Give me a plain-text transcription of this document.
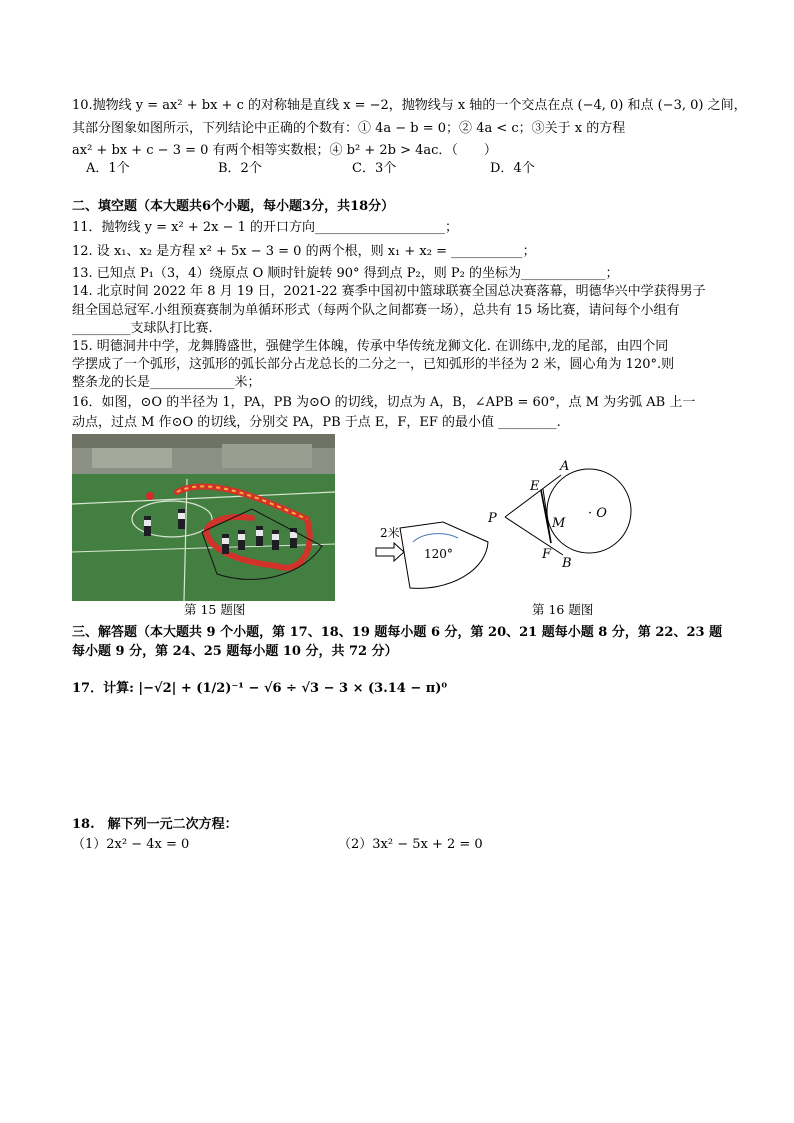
10.抛物线 y = ax² + bx + c 的对称轴是直线 x = −2，抛物线与 x 轴的一个交点在点 (−4, 0) 和点 (−3, 0) 之间，
其部分图象如图所示，下列结论中正确的个数有：① 4a − b = 0；② 4a < c；③关于 x 的方程
ax² + bx + c − 3 = 0 有两个相等实数根；④ b² + 2b > 4ac．（　　）
A．1个	B．2个	C．3个	D．4个
二、填空题（本大题共6个小题，每小题3分，共18分）
11．抛物线 y = x² + 2x − 1 的开口方向____________________；
12. 设 x₁、x₂ 是方程 x² + 5x − 3 = 0 的两个根，则 x₁ + x₂ = ___________；
13. 已知点 P₁（3，4）绕原点 O 顺时针旋转 90° 得到点 P₂，则 P₂ 的坐标为_____________；
14. 北京时间 2022 年 8 月 19 日，2021-22 赛季中国初中篮球联赛全国总决赛落幕，明德华兴中学获得男子
组全国总冠军.小组预赛赛制为单循环形式（每两个队之间都赛一场），总共有 15 场比赛，请问每个小组有
_________支球队打比赛.
15. 明德洞井中学，龙舞腾盛世，强健学生体魄，传承中华传统龙狮文化. 在训练中,龙的尾部，由四个同
学摆成了一个弧形，这弧形的弧长部分占龙总长的二分之一，已知弧形的半径为 2 米，圆心角为 120°.则
整条龙的长是_____________米；
16．如图，⊙O 的半径为 1，PA，PB 为⊙O 的切线，切点为 A，B，∠APB = 60°，点 M 为劣弧 AB 上一
动点，过点 M 作⊙O 的切线，分别交 PA，PB 于点 E，F，EF 的最小值 _________.
第 15 题图
2米
120°
A
E
P	M
· O
F
B
第 16 题图
三、解答题（本大题共 9 个小题，第 17、18、19 题每小题 6 分，第 20、21 题每小题 8 分，第 22、23 题
每小题 9 分，第 24、25 题每小题 10 分，共 72 分）
17．计算: |−√2| + (1/2)⁻¹ − √6 ÷ √3 − 3 × (3.14 − π)⁰
18.　解下列一元二次方程：
（1）2x² − 4x = 0	（2）3x² − 5x + 2 = 0
